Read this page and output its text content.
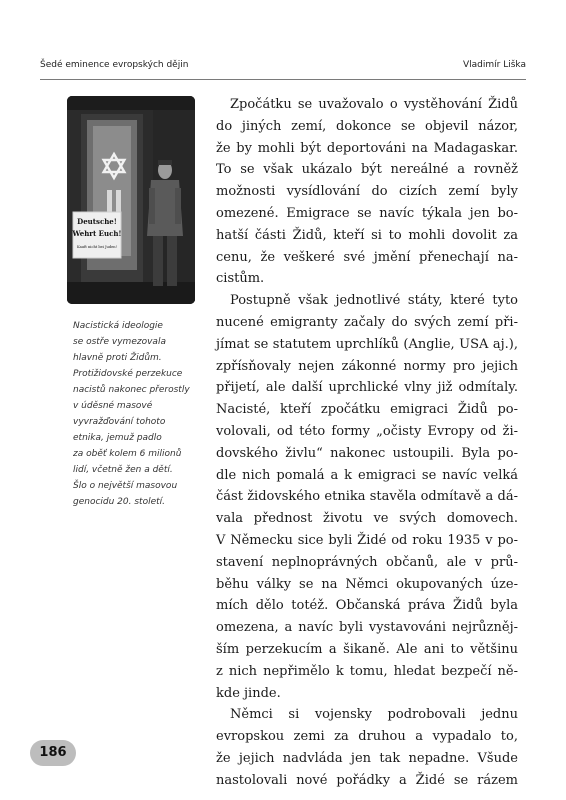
Šedé eminence evropských dějin	Vladimír Liška
Deutsche!
Wehrt Euch!
Kauft nicht bei Juden!
Nacistická ideologie
se ostře vymezovala
hlavně proti Židům.
Protižidovské perzekuce
nacistů nakonec přerostly
v úděsné masové
vyvražďování tohoto
etnika, jemuž padlo
za oběť kolem 6 milionů
lidí, včetně žen a dětí.
Šlo o největší masovou
genocidu 20. století.
Zpočátku se uvažovalo o vystěhování Židů
do jiných zemí, dokonce se objevil názor,
že by mohli být deportováni na Madagaskar.
To se však ukázalo být nereálné a rovněž
možnosti vysídlování do cizích zemí byly
omezené. Emigrace se navíc týkala jen bo-
hatší části Židů, kteří si to mohli dovolit za
cenu, že veškeré své jmění přenechají na-
cistům.
Postupně však jednotlivé státy, které tyto
nucené emigranty začaly do svých zemí při-
jímat se statutem uprchlíků (Anglie, USA aj.),
zpřísňovaly nejen zákonné normy pro jejich
přijetí, ale další uprchlické vlny již odmítaly.
Nacisté, kteří zpočátku emigraci Židů po-
volovali, od této formy „očisty Evropy od ži-
dovského živlu“ nakonec ustoupili. Byla po-
dle nich pomalá a k emigraci se navíc velká
část židovského etnika stavěla odmítavě a dá-
vala přednost životu ve svých domovech.
V Německu sice byli Židé od roku 1935 v po-
stavení neplnoprávných občanů, ale v prů-
běhu války se na Němci okupovaných úze-
mích dělo totéž. Občanská práva Židů byla
omezena, a navíc byli vystavováni nejrůzněj-
ším perzekucím a šikaně. Ale ani to většinu
z nich nepřimělo k tomu, hledat bezpečí ně-
kde jinde.
Němci si vojensky podrobovali jednu
evropskou zemi za druhou a vypadalo to,
že jejich nadvláda jen tak nepadne. Všude
nastolovali nové pořádky a Židé se rázem
186
